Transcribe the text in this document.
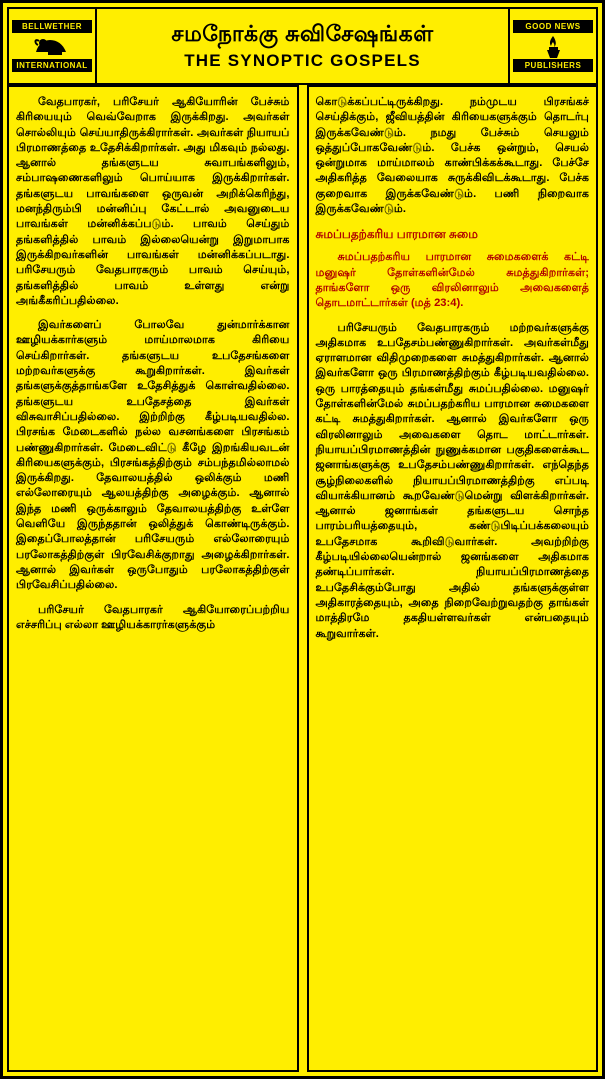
BELLWETHER
INTERNATIONAL
சமநோக்கு சுவிசேஷங்கள்
THE SYNOPTIC GOSPELS
GOOD NEWS
PUBLISHERS

வேதபாரகர், பரிசேயர் ஆகியோரின் பேச்சும் கிரியையும் வெவ்வேறாக இருக்கிறது. அவர்கள் சொல்லியும் செய்யாதிருக்கிரார்கள். அவர்கள் நியாயப் பிரமாணத்தை உதேசிக்கிறார்கள். அது மிகவும் நல்லது. ஆனால் தங்களுடய சுவாபங்களிலும், சம்பாஷணைகளிலும் பொய்யாக இருக்கிறார்கள். தங்களுடய பாவங்களை ஒருவன் அறிக்கெரிந்து, மனந்திரும்பி மன்னிப்பு கேட்டால் அவனுடைய பாவங்கள் மன்னிக்கப்படும். பாவம் செய்தும் தங்களித்தில் பாவம் இல்லையென்று இறுமாபாக இருக்கிறவர்களின் பாவங்கள் மன்னிக்கப்படாது. பரிசேயரும் வேதபாரகரும் பாவம் செய்யும், தங்களித்தில் பாவம் உள்ளது என்று அங்கீகரிப்பதில்லை.

இவர்களைப் போலவே துன்மார்க்கான ஊழியக்கார்களும் மாய்மாலமாக கிரியை செய்கிறார்கள். தங்களுடய உபதேசங்களை மற்றவர்களுக்கு கூறுகிறார்கள். இவர்கள் தங்களுக்குத்தாங்களே உதேசித்துக் கொள்வதில்லை. தங்களுடய உபதேசத்தை இவர்கள் விசுவாசிப்பதில்லை. இற்றிற்கு கீழ்படியவதில்ல. பிரசங்க மேடைகளில் நல்ல வசனங்களை பிரசங்கம் பண்ணுகிறார்கள். மேடைவிட்டு கீழே இறங்கியவடன் கிரியைகளுக்கும், பிரசங்கத்திற்கும் சம்பந்தமில்லாமல் இருக்கிறது. தேவாலயத்தில் ஒலிக்கும் மணி எல்லோரையும் ஆலயத்திற்கு அழைக்கும். ஆனால் இந்த மணி ஒருக்காலும் தேவாலயத்திற்கு உள்ளே வெளியே இருந்ததான் ஒலித்துக் கொண்டிருக்கும். இதைப்போலத்தான் பரிசேயரும் எல்லோரையும் பரலோகத்திற்குள் பிரவேசிக்குறாது அழைக்கிறார்கள். ஆனால் இவர்கள் ஒருபோதும் பரலோகத்திற்குள் பிரவேசிப்பதில்லை.

பரிசேயர் வேதபாரகர் ஆகியோரைப்பற்றிய எச்சரிப்பு எல்லா ஊழியக்காரர்களுக்கும்

கொடுக்கப்பட்டிருக்கிறது. நம்முடய பிரசங்கச் செய்திக்கும், ஜீவியத்தின் கிரியைகளுக்கும் தொடர்பு இருக்கவேண்டும். நமது பேச்சும் செயலும் ஒத்துப்போகவேண்டும். பேச்க ஒன்றும், செயல் ஒன்றுமாக மாய்மாலம் காண்பிக்கக்கூடாது. பேச்சே அதிகரித்த வேலையாக சுருக்கிவிடக்கூடாது. பேச்க குறைவாக இருக்கவேண்டும். பணி நிறைவாக இருக்கவேண்டும்.

சுமப்பதற்கரிய பாரமான சுமை

சுமப்பதற்கரிய பாரமான சுமைகளைக் கட்டி மனுஷர் தோள்களின்மேல் சுமத்துகிறார்கள்; தாங்களோ ஒரு விரலினாலும் அவைகளைத் தொடமாட்டார்கள் (மத் 23:4).

பரிசேயரும் வேதபாரகரும் மற்றவர்களுக்கு அதிகமாக உபதேசம்பண்ணுகிறார்கள். அவர்கள்மீது ஏராளமான விதிமுறைகளை சுமத்துகிறார்கள். ஆனால் இவர்களோ ஒரு பிரமாணத்திற்கும் கீழ்படியவதில்லை. ஒரு பாரத்தையும் தங்கள்மீது சுமப்பதில்லை. மனுஷர் தோள்களின்மேல் சுமப்பதற்கரிய பாரமான சுமைகளை கட்டி சுமத்துகிறார்கள். ஆனால் இவர்களோ ஒரு விரலினாலும் அவைகளை தொட மாட்டார்கள். நியாயப்பிரமாணத்தின் நுணுக்கமான பகுதிகளைக்கூட ஜனாங்களுக்கு உபதேசம்பண்ணுகிறார்கள். எந்தெந்த சூழ்நிலைகளில் நியாயப்பிரமாணத்திற்கு எப்படி வியாக்கியானம் கூறவேண்டுமென்று விளக்கிறார்கள். ஆனால் ஜனாங்கள் தங்களுடய சொந்த பாரம்பரியத்தையும், கண்டுபிடிப்பக்கலையும் உபதேசமாக கூறிவிடுவார்கள். அவற்றிற்கு கீழ்படியில்லையென்றால் ஜனங்களை அதிகமாக தண்டிப்பார்கள். நியாயப்பிரமாணத்தை உபதேசிக்கும்போது அதில் தங்களுக்குள்ள அதிகாரத்தையும், அதை நிறைவேற்றுவதற்கு தாங்கள் மாத்திரமே தகதியள்ளவர்கள் என்பதையும் கூறுவார்கள்.
